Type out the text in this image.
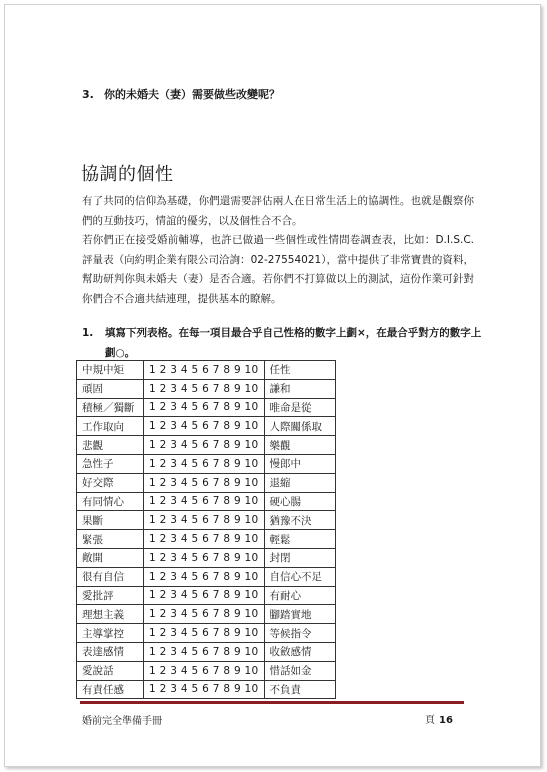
3. 你的未婚夫（妻）需要做些改變呢？
協調的個性
有了共同的信仰為基礎，你們還需要評估兩人在日常生活上的協調性。也就是觀察你們的互動技巧，情誼的優劣，以及個性合不合。
若你們正在接受婚前輔導，也許已做過一些個性或性情問卷調查表，比如：D.I.S.C.評量表（向約明企業有限公司洽詢：02-27554021），當中提供了非常寶貴的資料，幫助研判你與未婚夫（妻）是否合適。若你們不打算做以上的測試，這份作業可針對你們合不合適共結連理，提供基本的瞭解。
1. 填寫下列表格。在每一項目最合乎自己性格的數字上劃×，在最合乎對方的數字上劃○。
中規中矩	1 2 3 4 5 6 7 8 9 10	任性
頑固	1 2 3 4 5 6 7 8 9 10	謙和
積極／獨斷	1 2 3 4 5 6 7 8 9 10	唯命是從
工作取向	1 2 3 4 5 6 7 8 9 10	人際關係取
悲觀	1 2 3 4 5 6 7 8 9 10	樂觀
急性子	1 2 3 4 5 6 7 8 9 10	慢郎中
好交際	1 2 3 4 5 6 7 8 9 10	退縮
有同情心	1 2 3 4 5 6 7 8 9 10	硬心腸
果斷	1 2 3 4 5 6 7 8 9 10	猶豫不決
緊張	1 2 3 4 5 6 7 8 9 10	輕鬆
敞開	1 2 3 4 5 6 7 8 9 10	封閉
很有自信	1 2 3 4 5 6 7 8 9 10	自信心不足
愛批評	1 2 3 4 5 6 7 8 9 10	有耐心
理想主義	1 2 3 4 5 6 7 8 9 10	腳踏實地
主導掌控	1 2 3 4 5 6 7 8 9 10	等候指令
表達感情	1 2 3 4 5 6 7 8 9 10	收斂感情
愛說話	1 2 3 4 5 6 7 8 9 10	惜話如金
有責任感	1 2 3 4 5 6 7 8 9 10	不負責
婚前完全準備手冊	頁 16
